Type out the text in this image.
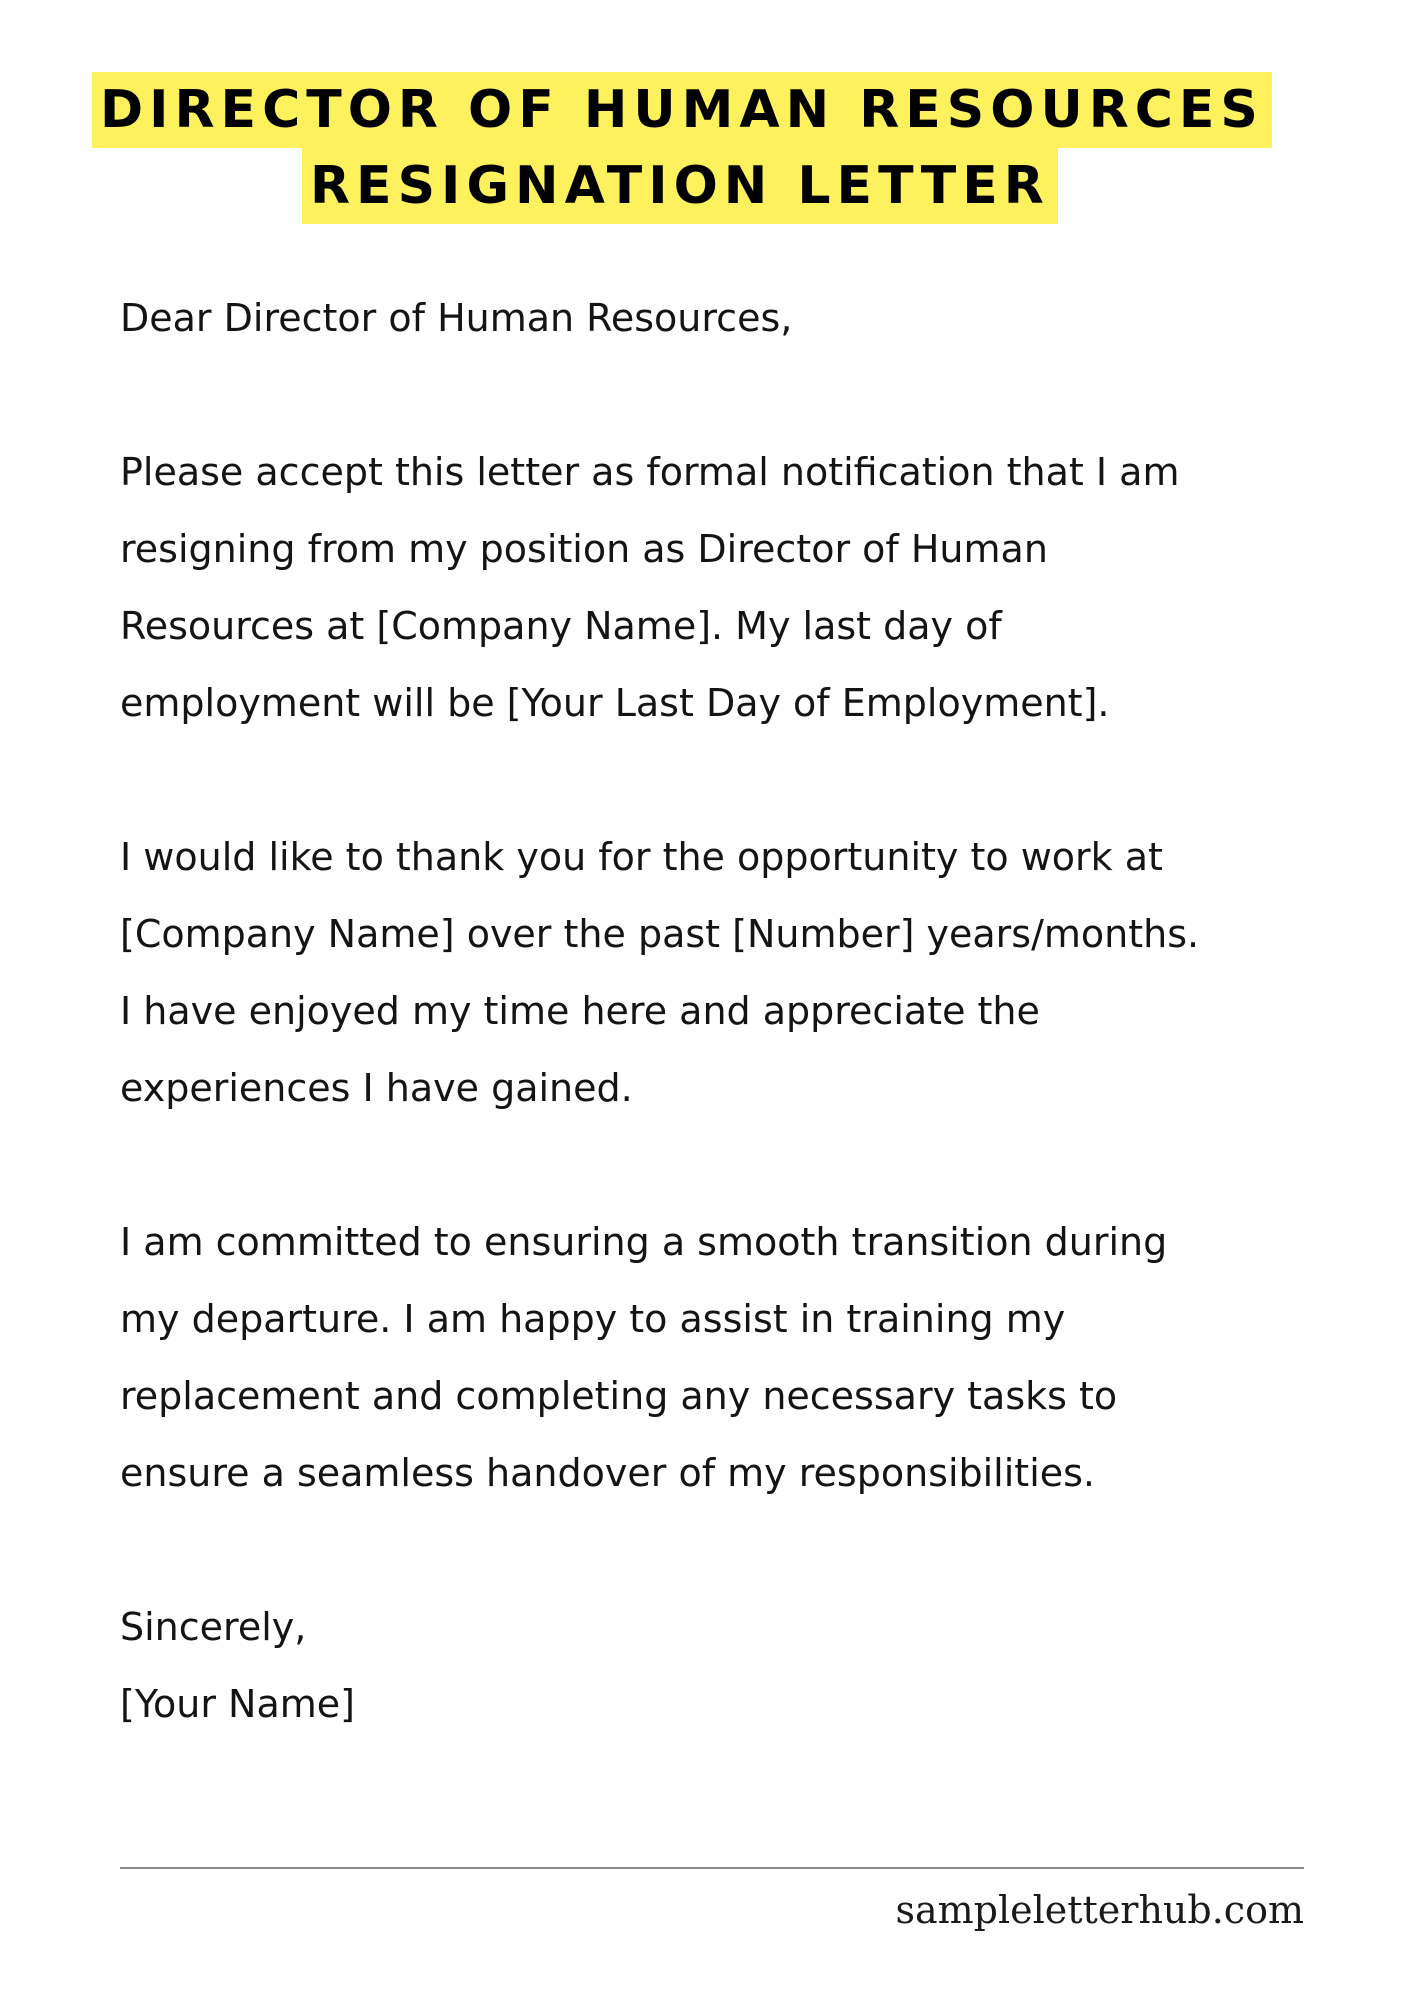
DIRECTOR OF HUMAN RESOURCES
RESIGNATION LETTER
Dear Director of Human Resources,
Please accept this letter as formal notification that I am
resigning from my position as Director of Human
Resources at [Company Name]. My last day of
employment will be [Your Last Day of Employment].
I would like to thank you for the opportunity to work at
[Company Name] over the past [Number] years/months.
I have enjoyed my time here and appreciate the
experiences I have gained.
I am committed to ensuring a smooth transition during
my departure. I am happy to assist in training my
replacement and completing any necessary tasks to
ensure a seamless handover of my responsibilities.
Sincerely,
[Your Name]
sampleletterhub.com
